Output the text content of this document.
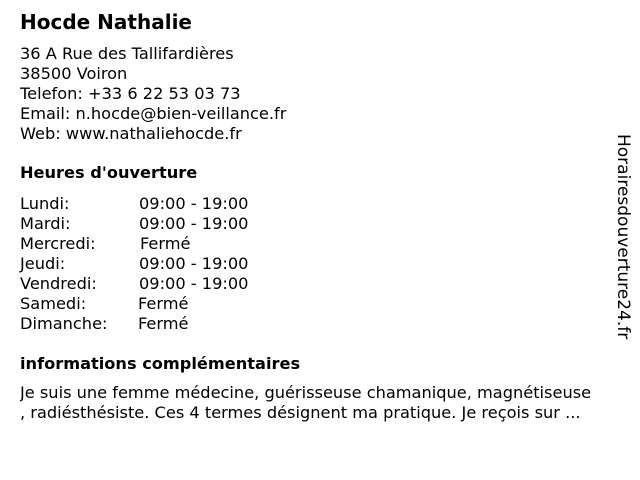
Hocde Nathalie
36 A Rue des Tallifardières
38500 Voiron
Telefon: +33 6 22 53 03 73
Email: n.hocde@bien-veillance.fr
Web: www.nathaliehocde.fr
Heures d'ouverture
Lundi:	09:00 - 19:00
Mardi:	09:00 - 19:00
Mercredi:	Fermé
Jeudi:	09:00 - 19:00
Vendredi:	09:00 - 19:00
Samedi:	Fermé
Dimanche: Fermé
informations complémentaires
Je suis une femme médecine, guérisseuse chamanique, magnétiseuse
, radiésthésiste. Ces 4 termes désignent ma pratique. Je reçois sur ...
Horairesdouverture24.fr
